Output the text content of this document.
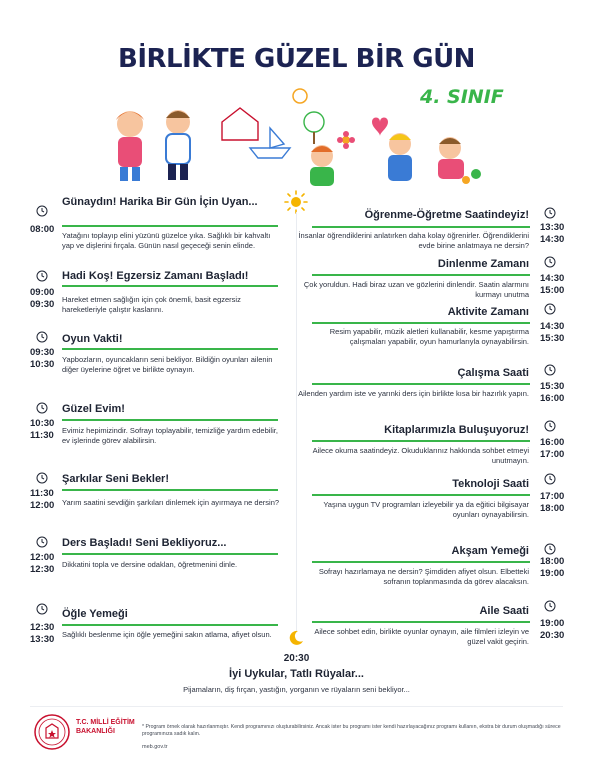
BİRLİKTE GÜZEL BİR GÜN
4. SINIF
Günaydın! Harika Bir Gün İçin Uyan...
08:00
Yatağını toplayıp elini yüzünü güzelce yıka. Sağlıklı bir kahvaltı yap ve dişlerini fırçala. Günün nasıl geçeceği senin elinde.
Hadi Koş! Egzersiz Zamanı Başladı!
09:00
09:30 Hareket etmen sağlığın için çok önemli, basit egzersiz hareketleriyle çalıştır kaslarını.
Oyun Vakti!
09:30
10:30 Yapbozların, oyuncakların seni bekliyor. Bildiğin oyunları ailenin diğer üyelerine öğret ve birlikte oynayın.
Güzel Evim!
10:30
11:30 Evimiz hepimizindir. Sofrayı toplayabilir, temizliğe yardım edebilir, ev işlerinde görev alabilirsin.
Şarkılar Seni Bekler!
11:30
12:00 Yarım saatini sevdiğin şarkıları dinlemek için ayırmaya ne dersin?
Ders Başladı! Seni Bekliyoruz...
12:00
12:30 Dikkatini topla ve dersine odaklan, öğretmenini dinle.
Öğle Yemeği
12:30
13:30 Sağlıklı beslenme için öğle yemeğini sakın atlama, afiyet olsun.
Öğrenme-Öğretme Saatindeyiz!
13:30
14:30
İnsanlar öğrendiklerini anlatırken daha kolay öğrenirler. Öğrendiklerini evde birine anlatmaya ne dersin?
Dinlenme Zamanı
14:30
15:00
Çok yoruldun. Hadi biraz uzan ve gözlerini dinlendir. Saatin alarmını kurmayı unutma
Aktivite Zamanı
14:30
15:30
Resim yapabilir, müzik aletleri kullanabilir, kesme yapıştırma çalışmaları yapabilir, oyun hamurlarıyla oynayabilirsin.
Çalışma Saati
15:30
16:00
Ailenden yardım iste ve yarınki ders için birlikte kısa bir hazırlık yapın.
Kitaplarımızla Buluşuyoruz!
16:00
17:00
Ailece okuma saatindeyiz. Okuduklarınız hakkında sohbet etmeyi unutmayın.
Teknoloji Saati
17:00
18:00
Yaşına uygun TV programları izleyebilir ya da eğitici bilgisayar oyunları oynayabilirsin.
Akşam Yemeği
18:00
19:00
Sofrayı hazırlamaya ne dersin? Şimdiden afiyet olsun. Elbetteki sofranın toplanmasında da görev alacaksın.
Aile Saati
19:00
20:30
Ailece sohbet edin, birlikte oyunlar oynayın, aile filmleri izleyin ve güzel vakit geçirin.
20:30
İyi Uykular, Tatlı Rüyalar...
Pijamaların, diş fırçan, yastığın, yorganın ve rüyaların seni bekliyor...
T.C. MİLLİ EĞİTİM
BAKANLIĞI
* Program örnek olarak hazırlanmıştır. Kendi programınızı oluşturabilirsiniz. Ancak ister bu programı ister kendi hazırlayacağınız programı kullanın, ekstra bir durum oluşmadığı sürece programınıza sadık kalın.
meb.gov.tr
